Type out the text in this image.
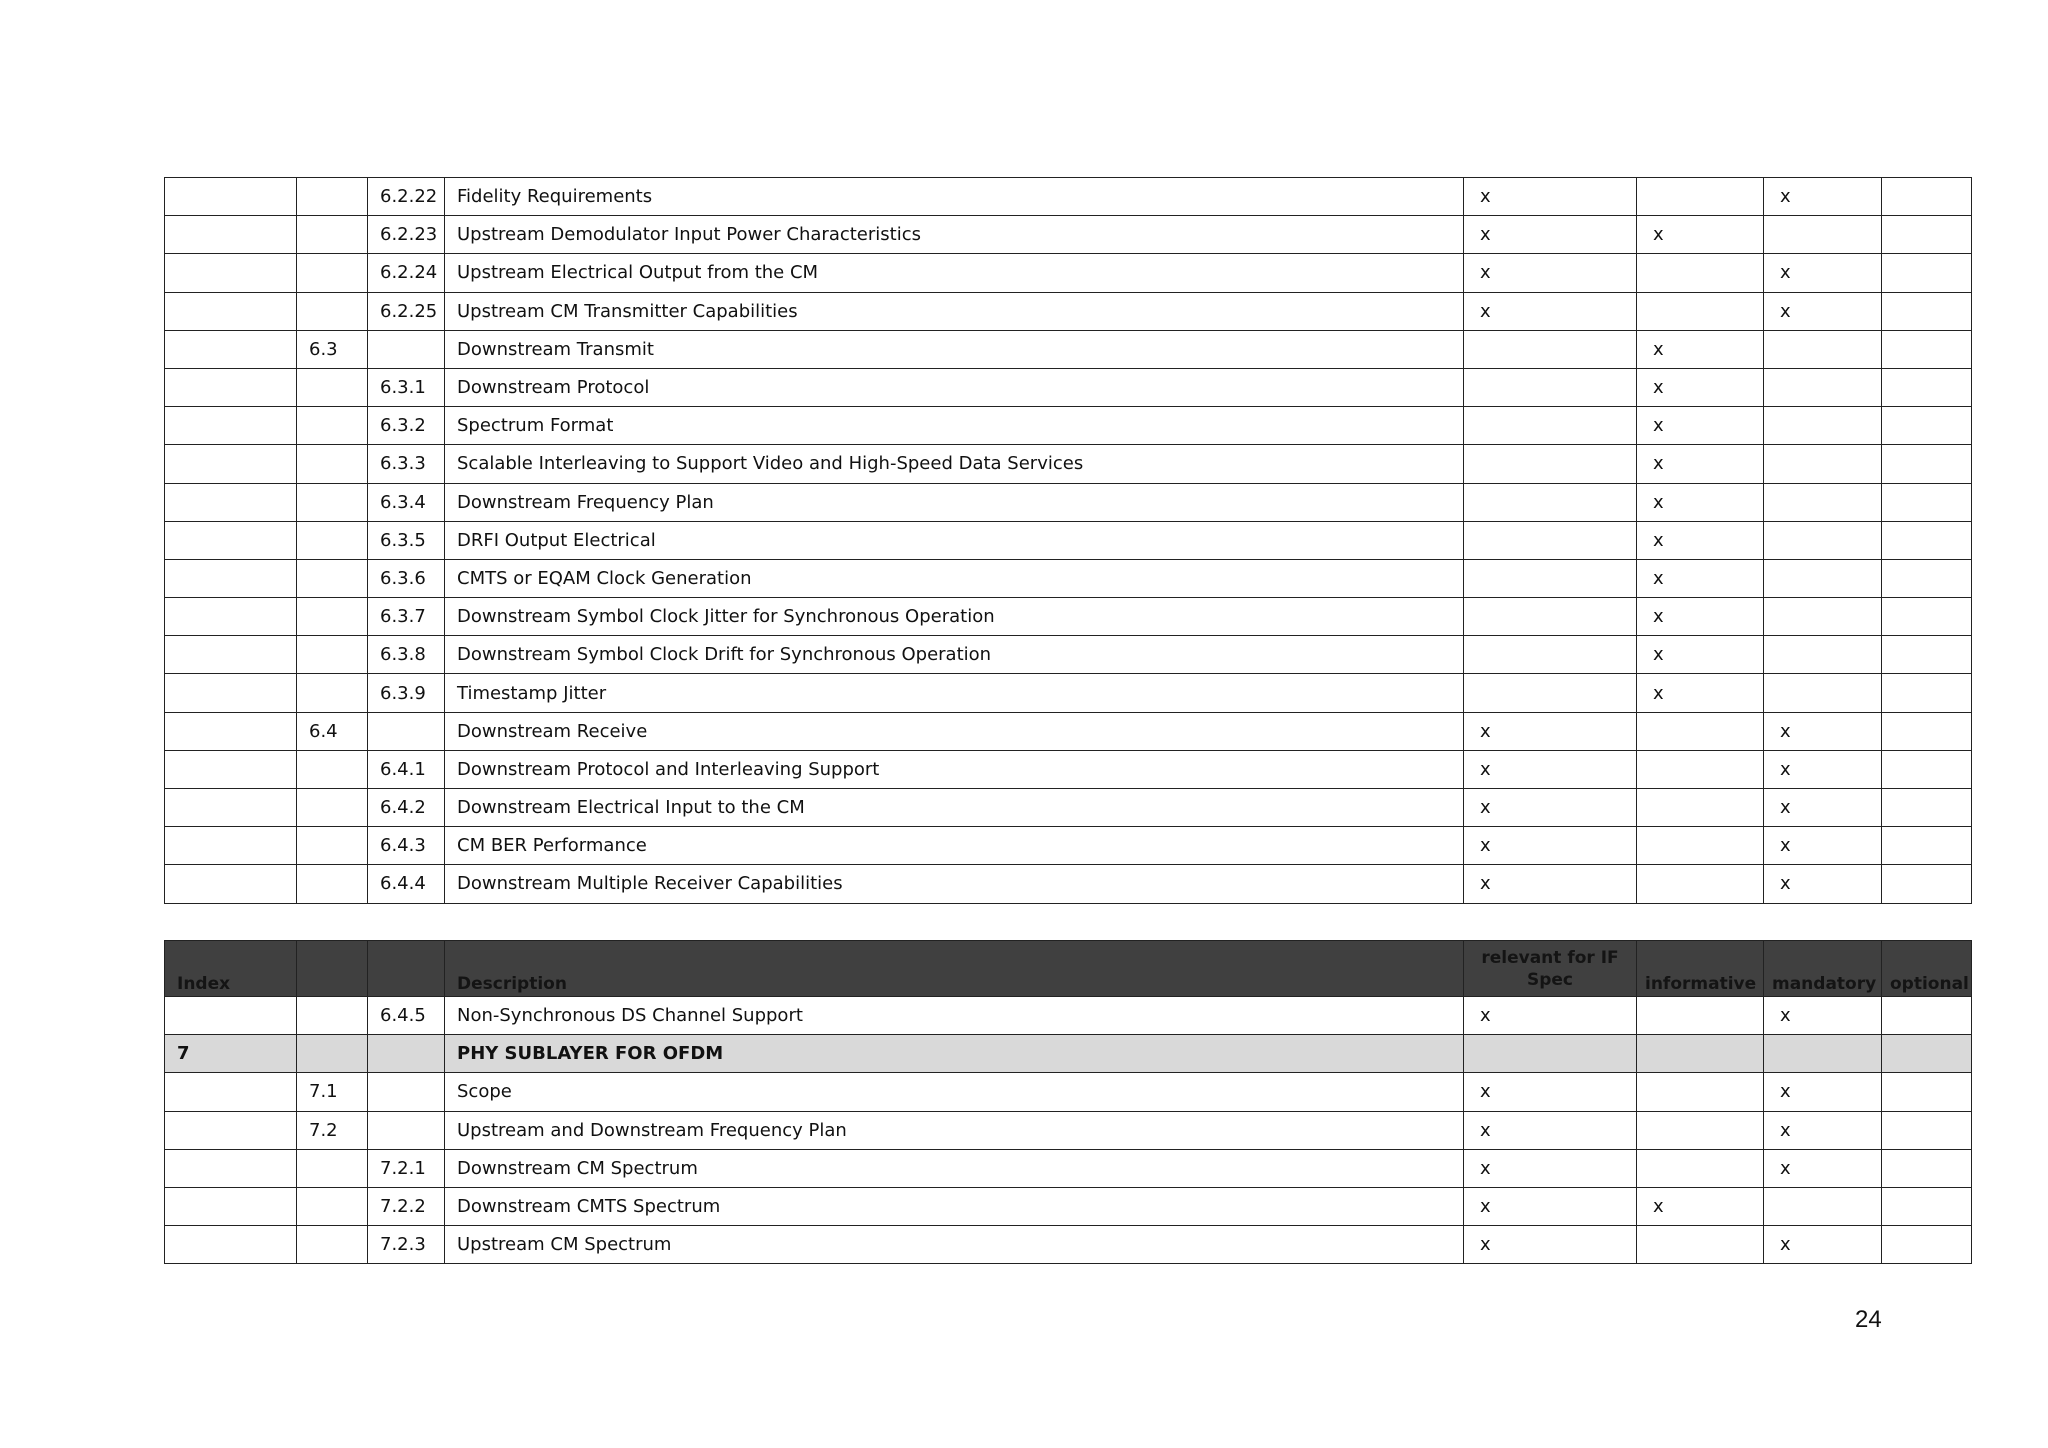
		6.2.22	Fidelity Requirements	x		x	
		6.2.23	Upstream Demodulator Input Power Characteristics	x	x		
		6.2.24	Upstream Electrical Output from the CM	x		x	
		6.2.25	Upstream CM Transmitter Capabilities	x		x	
	6.3		Downstream Transmit		x		
		6.3.1	Downstream Protocol		x		
		6.3.2	Spectrum Format		x		
		6.3.3	Scalable Interleaving to Support Video and High-Speed Data Services		x		
		6.3.4	Downstream Frequency Plan		x		
		6.3.5	DRFI Output Electrical		x		
		6.3.6	CMTS or EQAM Clock Generation		x		
		6.3.7	Downstream Symbol Clock Jitter for Synchronous Operation		x		
		6.3.8	Downstream Symbol Clock Drift for Synchronous Operation		x		
		6.3.9	Timestamp Jitter		x		
	6.4		Downstream Receive	x		x	
		6.4.1	Downstream Protocol and Interleaving Support	x		x	
		6.4.2	Downstream Electrical Input to the CM	x		x	
		6.4.3	CM BER Performance	x		x	
		6.4.4	Downstream Multiple Receiver Capabilities	x		x	
Index			Description	relevant for IF Spec	informative	mandatory	optional
		6.4.5	Non-Synchronous DS Channel Support	x		x	
7			PHY SUBLAYER FOR OFDM				
	7.1		Scope	x		x	
	7.2		Upstream and Downstream Frequency Plan	x		x	
		7.2.1	Downstream CM Spectrum	x		x	
		7.2.2	Downstream CMTS Spectrum	x	x		
		7.2.3	Upstream CM Spectrum	x		x	
24
